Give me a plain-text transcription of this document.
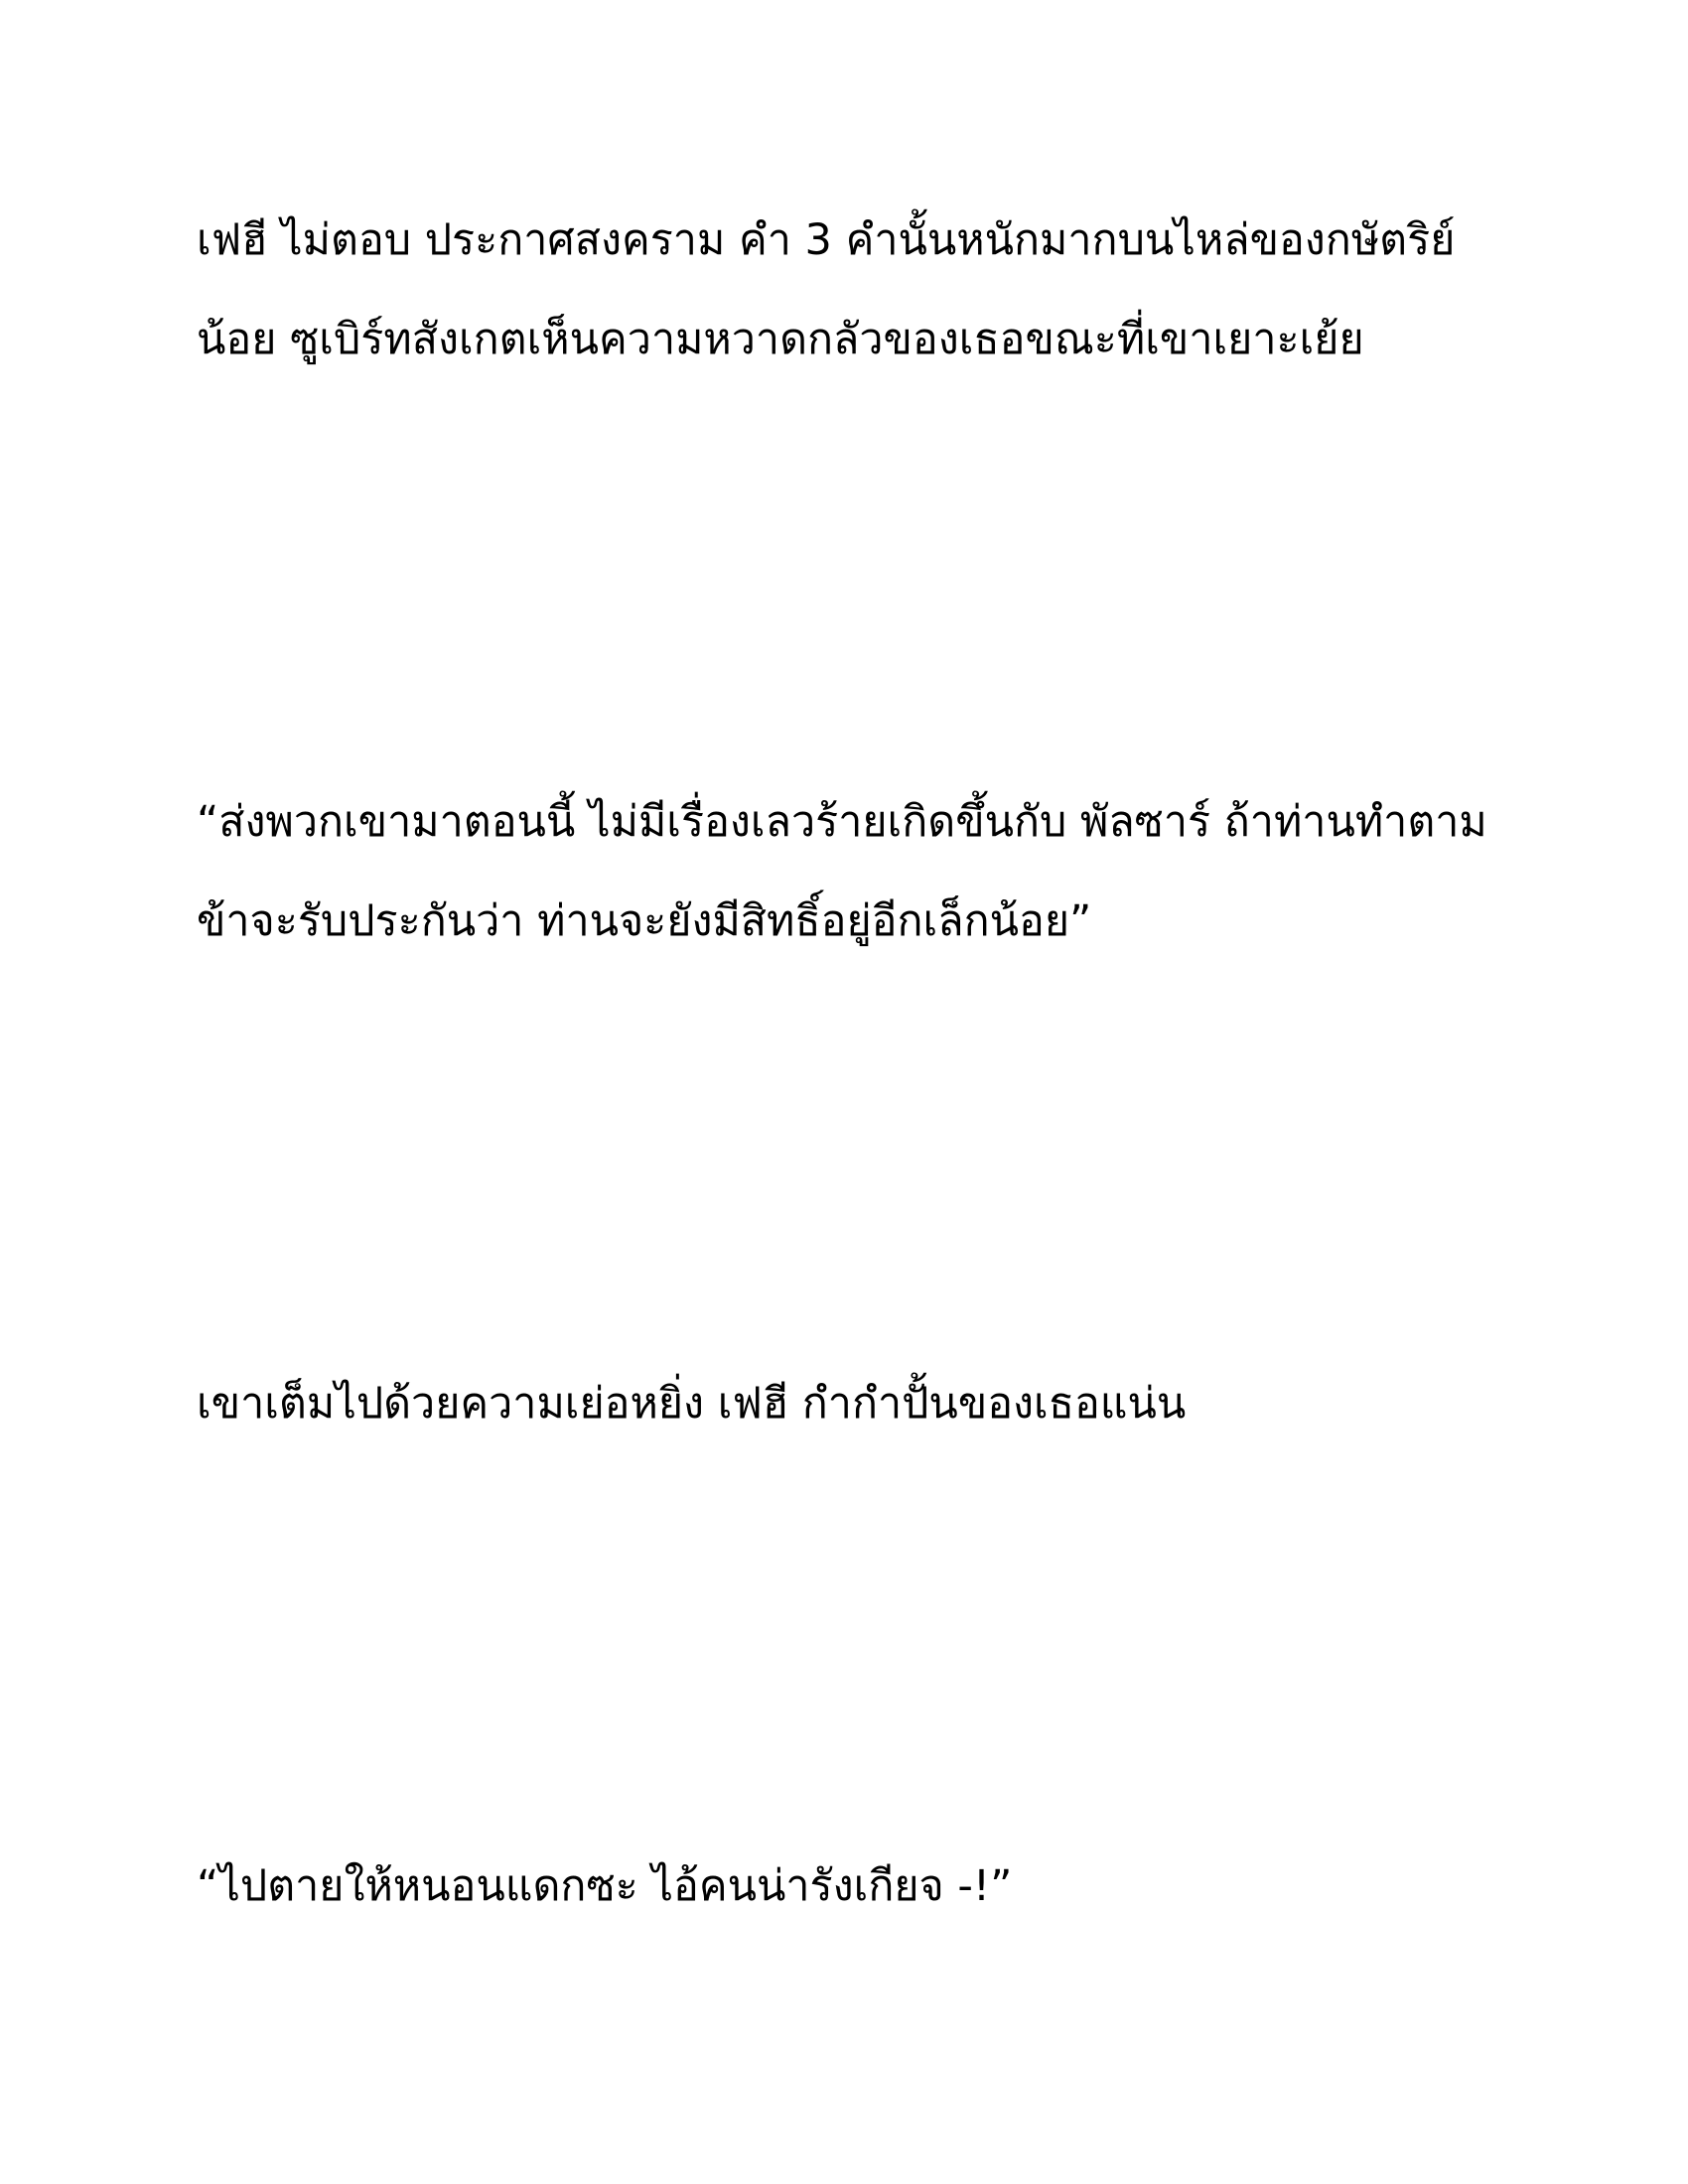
เฟฮี ไม่ตอบ ประกาศสงคราม คำ 3 คำนั้นหนักมากบนไหล่ของกษัตริย์
น้อย ซูเบิร์ทสังเกตเห็นความหวาดกลัวของเธอขณะที่เขาเยาะเย้ย
“ส่งพวกเขามาตอนนี้ ไม่มีเรื่องเลวร้ายเกิดขึ้นกับ พัลซาร์ ถ้าท่านทำตาม
ข้าจะรับประกันว่า ท่านจะยังมีสิทธิ์อยู่อีกเล็กน้อย”
เขาเต็มไปด้วยความเย่อหยิ่ง เฟฮี กำกำปั้นของเธอแน่น
“ไปตายให้หนอนแดกซะ ไอ้คนน่ารังเกียจ -!”
